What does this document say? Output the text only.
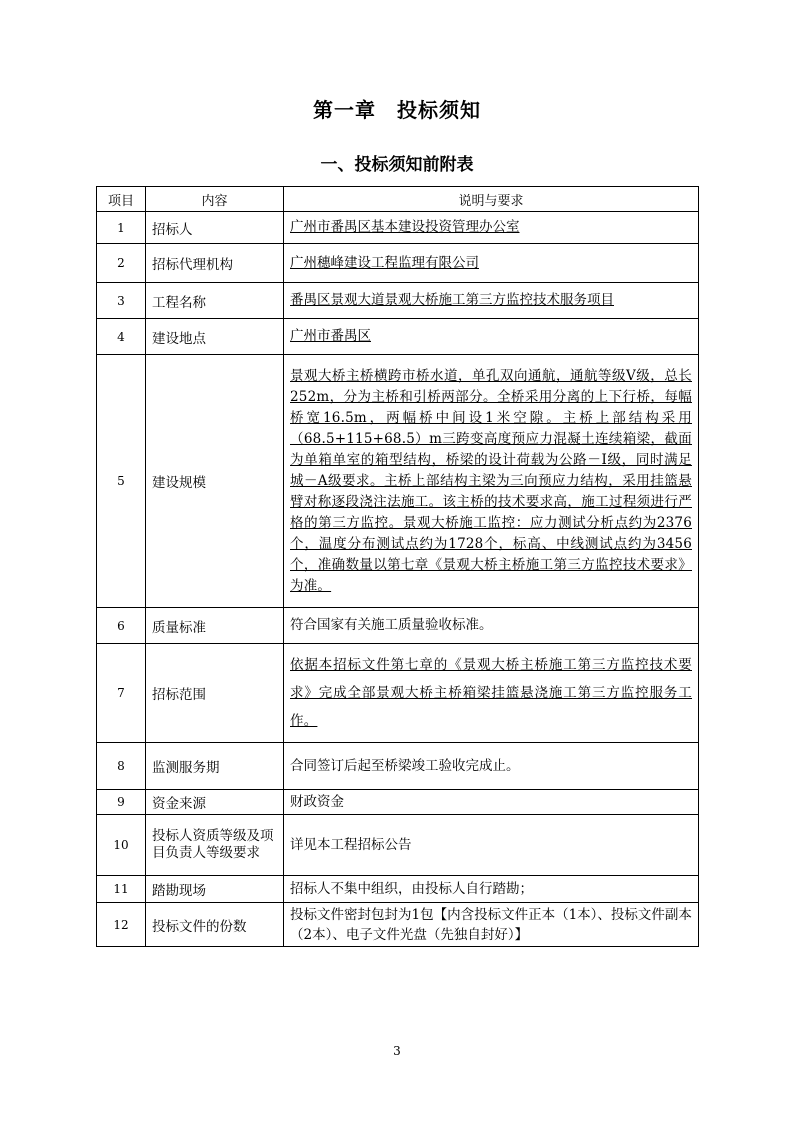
第一章　投标须知
一、投标须知前附表
项目	内容	说明与要求
1	招标人	广州市番禺区基本建设投资管理办公室
2	招标代理机构	广州穗峰建设工程监理有限公司
3	工程名称	番禺区景观大道景观大桥施工第三方监控技术服务项目
4	建设地点	广州市番禺区
5	建设规模	景观大桥主桥横跨市桥水道，单孔双向通航，通航等级Ⅴ级，总长252m，分为主桥和引桥两部分。全桥采用分离的上下行桥，每幅桥宽16.5m，两幅桥中间设1米空隙。主桥上部结构采用（68.5+115+68.5）m三跨变高度预应力混凝土连续箱梁，截面为单箱单室的箱型结构，桥梁的设计荷载为公路－Ⅰ级，同时满足城－A级要求。主桥上部结构主梁为三向预应力结构，采用挂篮悬臂对称逐段浇注法施工。该主桥的技术要求高，施工过程须进行严格的第三方监控。景观大桥施工监控：应力测试分析点约为2376个，温度分布测试点约为1728个，标高、中线测试点约为3456个，准确数量以第七章《景观大桥主桥施工第三方监控技术要求》为准。
6	质量标准	符合国家有关施工质量验收标准。
7	招标范围	依据本招标文件第七章的《景观大桥主桥施工第三方监控技术要求》完成全部景观大桥主桥箱梁挂篮悬浇施工第三方监控服务工作。
8	监测服务期	合同签订后起至桥梁竣工验收完成止。
9	资金来源	财政资金
10	投标人资质等级及项目负责人等级要求	详见本工程招标公告
11	踏勘现场	招标人不集中组织，由投标人自行踏勘；
12	投标文件的份数	投标文件密封包封为1包【内含投标文件正本（1本）、投标文件副本（2本）、电子文件光盘（先独自封好）】
3
